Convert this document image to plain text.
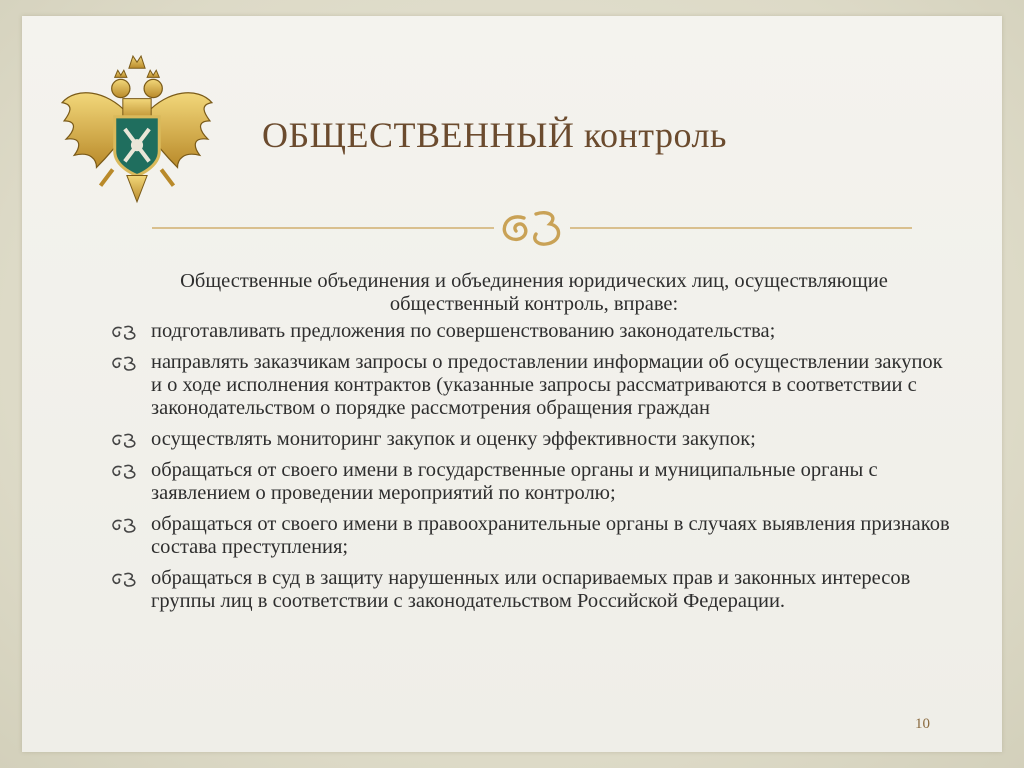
ОБЩЕСТВЕННЫЙ контроль

Общественные объединения и объединения юридических лиц, осуществляющие общественный контроль, вправе:

подготавливать предложения по совершенствованию законодательства;
направлять заказчикам запросы о предоставлении информации об осуществлении закупок и о ходе исполнения контрактов (указанные запросы рассматриваются в соответствии с законодательством о порядке рассмотрения обращения граждан
осуществлять мониторинг закупок и оценку эффективности закупок;
обращаться от своего имени в государственные органы и муниципальные органы с заявлением о проведении мероприятий по контролю;
обращаться от своего имени в правоохранительные органы в случаях выявления признаков состава преступления;
обращаться в суд в защиту нарушенных или оспариваемых прав и законных интересов группы лиц в соответствии с законодательством Российской Федерации.
10
